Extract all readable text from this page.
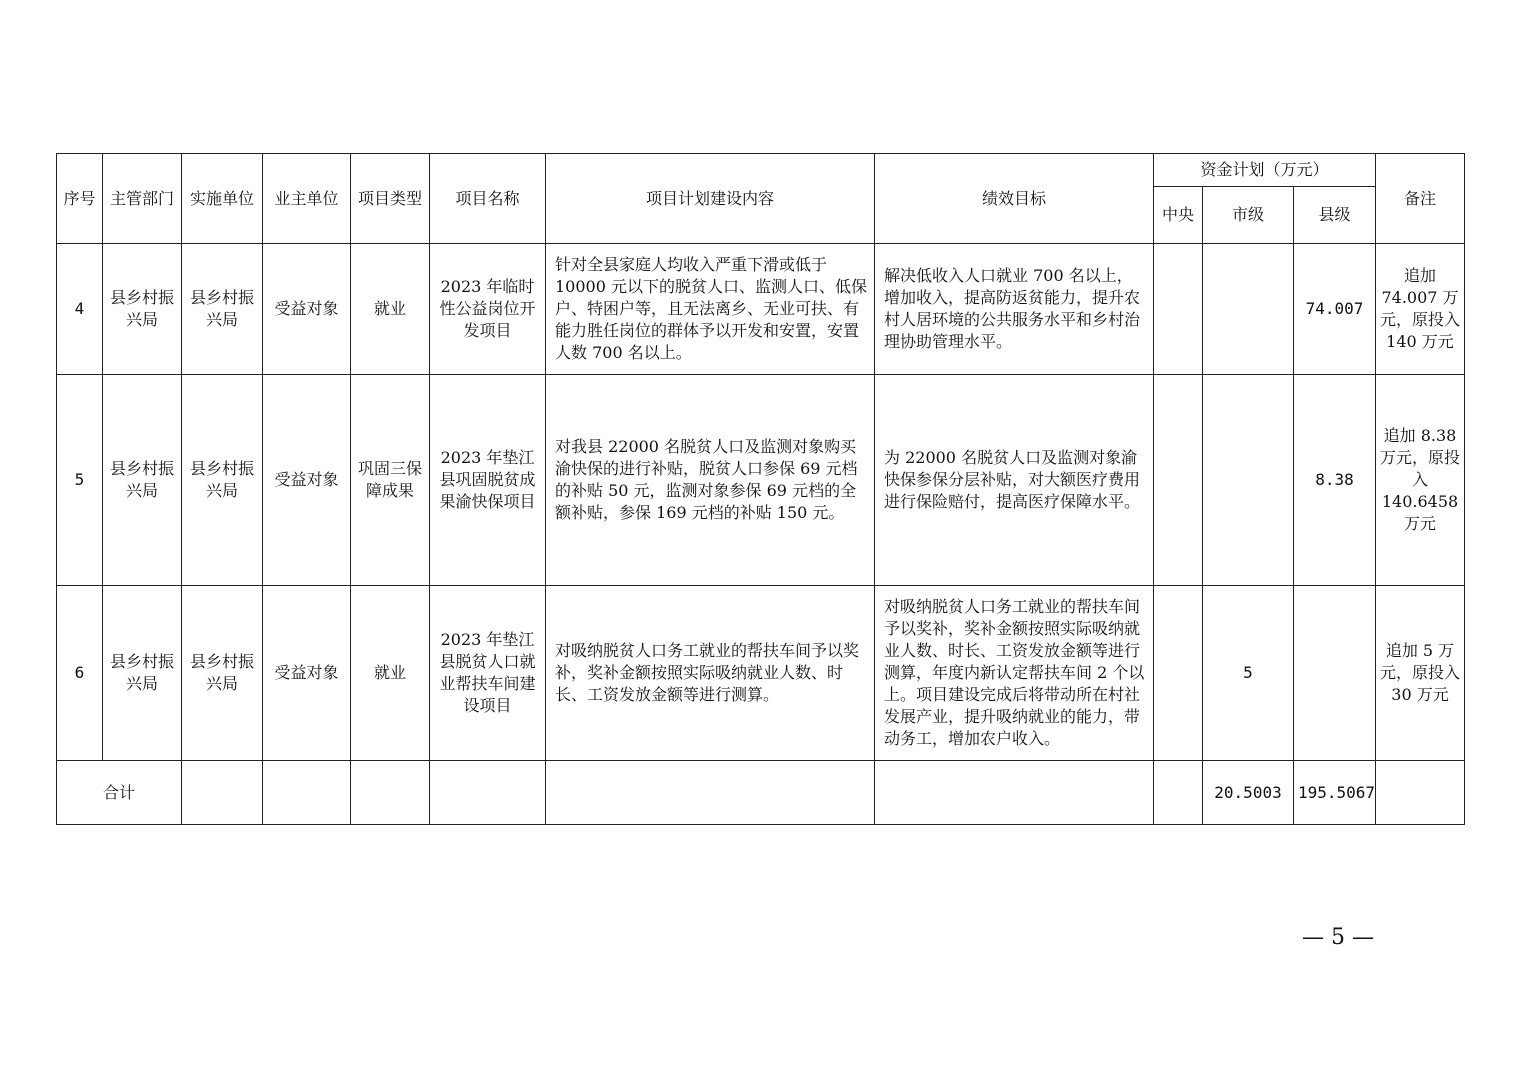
序号	主管部门	实施单位	业主单位	项目类型	项目名称	项目计划建设内容	绩效目标	资金计划（万元）			备注
								中央	市级	县级	
4	县乡村振兴局	县乡村振兴局	受益对象	就业	2023 年临时性公益岗位开发项目	针对全县家庭人均收入严重下滑或低于 10000 元以下的脱贫人口、监测人口、低保户、特困户等，且无法离乡、无业可扶、有能力胜任岗位的群体予以开发和安置，安置人数 700 名以上。	解决低收入人口就业 700 名以上，增加收入，提高防返贫能力，提升农村人居环境的公共服务水平和乡村治理协助管理水平。			74.007	追加 74.007 万元，原投入 140 万元
5	县乡村振兴局	县乡村振兴局	受益对象	巩固三保障成果	2023 年垫江县巩固脱贫成果渝快保项目	对我县 22000 名脱贫人口及监测对象购买渝快保的进行补贴，脱贫人口参保 69 元档的补贴 50 元，监测对象参保 69 元档的全额补贴，参保 169 元档的补贴 150 元。	为 22000 名脱贫人口及监测对象渝快保参保分层补贴，对大额医疗费用进行保险赔付，提高医疗保障水平。			8.38	追加 8.38 万元，原投入 140.6458 万元
6	县乡村振兴局	县乡村振兴局	受益对象	就业	2023 年垫江县脱贫人口就业帮扶车间建设项目	对吸纳脱贫人口务工就业的帮扶车间予以奖补，奖补金额按照实际吸纳就业人数、时长、工资发放金额等进行测算。	对吸纳脱贫人口务工就业的帮扶车间予以奖补，奖补金额按照实际吸纳就业人数、时长、工资发放金额等进行测算，年度内新认定帮扶车间 2 个以上。项目建设完成后将带动所在村社发展产业，提升吸纳就业的能力，带动务工，增加农户收入。		5		追加 5 万元，原投入 30 万元
合计									20.5003	195.5067	
— 5 —
